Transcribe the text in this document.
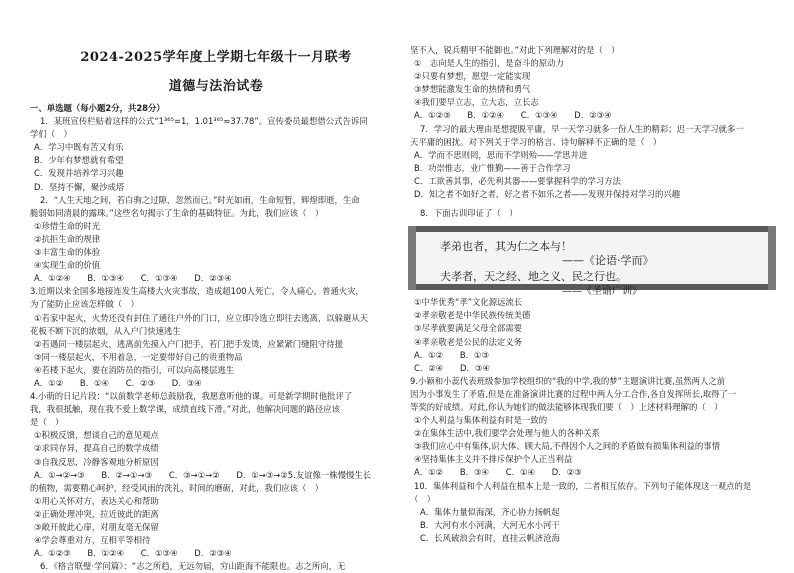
2024-2025学年度上学期七年级十一月联考
道德与法治试卷
一、单选题（每小题2分，共28分）
1．某班宣传栏贴着这样的公式“1³⁶⁵=1，1.01³⁶⁵≈37.78”。宣传委员最想借公式告诉同
学们（　）
A．学习中既有苦又有乐
B．少年有梦想就有希望
C．发现并培养学习兴趣
D．坚持不懈，聚沙成塔
2．“人生天地之间，若白驹之过隙，忽然而已。”时光如雨，生命短暂，辉煌即逝，生命
脆弱如同清晨的露珠。”这些名句揭示了生命的基础特征。为此，我们应该（　）
①珍惜生命的时光
②抗拒生命的规律
③丰富生命的体验
④实现生命的价值
A．①②④　　B．①③④　　C．①③④　　D．②③④
3.近期以来全国多地接连发生高楼大火灾事故，造成超100人死亡，令人痛心，普通火灾，
为了能防止应该怎样做（　）
①若家中起火，火势还没有封住了通往户外的门口，应立即冷选立即往去逃离，以躲避从天
花板不断下沉的浓烟，从入户门快速逃生
②若遇同一楼层起火，逃离前先摸入户门把手，若门把手发烫，应紧紧门缝阻守待援
③同一楼层起火，不用着急，一定要带好自己的贵重物品
④若楼下起火，要在消防员的指引，可以向高楼层逃生
A．①②　　B．①④　　C．②③　　D．③④
4.小萌的日记片段：“以前数学老师总鼓励我，我愿意听他的课。可是新学期时他批评了
我，我很抵触，现在我不爱上数学课，成绩直线下滑。”对此，他解决问题的路径应该
是（　）
①积极反馈，想谈自己的意见观点
②求同存异，提高自己的数学成绩
③自我反思，冷静客观地分析原因
A．①→②→③　　B．②→①→③　　C．③→①→②　　D．①→③→②5.友谊像一株慢慢生长
的植物，需要精心呵护，经受风雨的洗礼，时间的磨砺，对此，我们应该（　）
①用心关怀对方，表达关心和帮助
②正确处理冲突，拉近彼此的距离
③敞开彼此心扉，对朋友毫无保留
④学会尊重对方，互相平等相待
A．①②③　　B．①②④　　C．①③④　　D．②③④
6．《格言联璧·学问篇》：“志之所趋，无远勿届，穷山距海不能限也。志之所向，无
坚不入，锐兵精甲不能御也。”对此下列理解对的是（　）
①　志向是人生的指引，是奋斗的原动力
②只要有梦想，愿望一定能实现
③梦想能激发生命的热情和勇气
④我们要早立志，立大志，立长志
A．①②③　　B．①②④　　C．①③④　　D．②③④
7．学习的最大理由是想提脱平庸，早一天学习就多一份人生的精彩；迟一天学习就多一
天平庸的困扰。对下列关于学习的格言、诗句解释不正确的是（　）
A．学而不思则罔，思而不学则殆——学思并进
B．功崇惟志，业广惟勤——善于合作学习
C．工欲善其事，必先利其器——要掌握科学的学习方法
D．知之者不如好之者，好之者不如乐之者——发现并保持对学习的兴趣
8．下面古训印证了（　）
孝弟也者，其为仁之本与！
——《论语·学而》
夫孝者，天之经、地之义、民之行也。
——《圣谕广训》
①中华优秀“孝”文化源远流长
②孝亲敬老是中华民族传统美德
③尽孝就要满足父母全部需要
④孝亲敬老是公民的法定义务
A．①②　　B．①③
C．②④　　D．③④
9.小颖和小蕊代表班级参加学校组织的“我的中学,我的梦”主题演讲比赛,虽然两人之前
因为小事发生了矛盾,但是在准备演讲比赛的过程中两人分工合作,各自发挥所长,取得了一
等奖的好成绩。对此,你认为她们的做法能够体现我们要（　）上述材料理解的（　）
①个人利益与集体利益有时是一致的
②在集体生活中,我们要学会处理与他人的各种关系
③我们应心中有集体,识大体、顾大局,不得因个人之间的矛盾做有损集体利益的事情
④坚持集体主义并不排斥保护个人正当利益
A．①②　　B．③④　　C．①④　　D．②③
10．集体利益和个人利益在根本上是一致的，二者相互依存。下列句子能体现这一观点的是
（　）
A．集体力量似海深，齐心协力扬帆起
B．大河有水小河满，大河无水小河干
C．长风破浪会有时，直挂云帆济沧海
